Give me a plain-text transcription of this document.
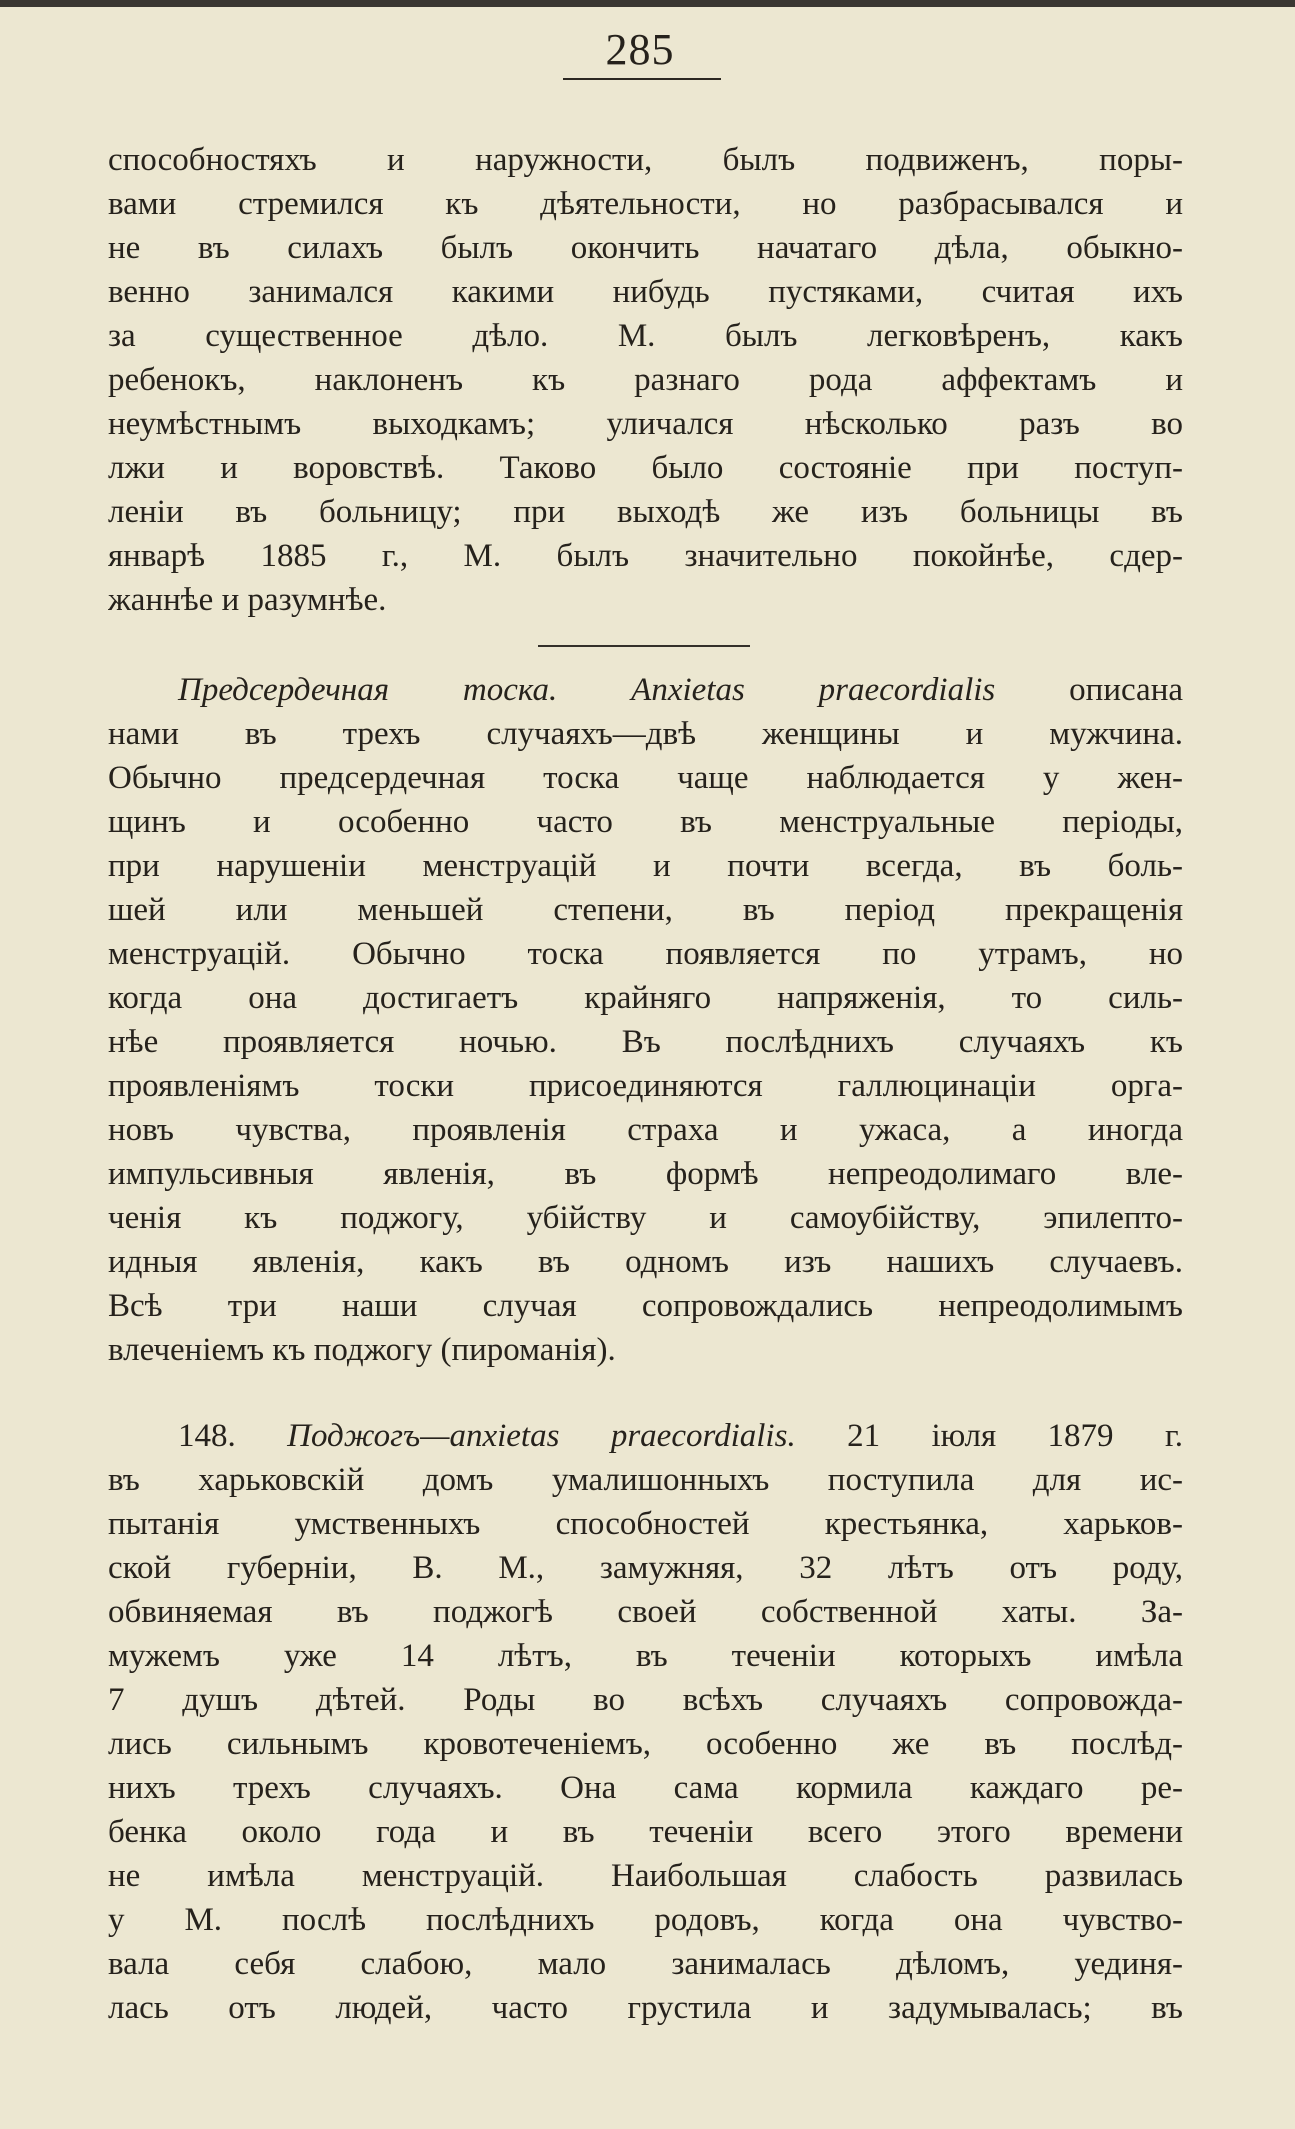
285
способностяхъ и наружности, былъ подвиженъ, поры-
вами стремился къ дѣятельности, но разбрасывался и
не въ силахъ былъ окончить начатаго дѣла, обыкно-
венно занимался какими нибудь пустяками, считая ихъ
за существенное дѣло. М. былъ легковѣренъ, какъ
ребенокъ, наклоненъ къ разнаго рода аффектамъ и
неумѣстнымъ выходкамъ; уличался нѣсколько разъ во
лжи и воровствѣ. Таково было состояніе при поступ-
леніи въ больницу; при выходѣ же изъ больницы въ
январѣ 1885 г., М. былъ значительно покойнѣе, сдер-
жаннѣе и разумнѣе.
Предсердечная тоска. Anxietas praecordialis описана
нами въ трехъ случаяхъ—двѣ женщины и мужчина.
Обычно предсердечная тоска чаще наблюдается у жен-
щинъ и особенно часто въ менструальные періоды,
при нарушеніи менструацій и почти всегда, въ боль-
шей или меньшей степени, въ період прекращенія
менструацій. Обычно тоска появляется по утрамъ, но
когда она достигаетъ крайняго напряженія, то силь-
нѣе проявляется ночью. Въ послѣднихъ случаяхъ къ
проявленіямъ тоски присоединяются галлюцинаціи орга-
новъ чувства, проявленія страха и ужаса, а иногда
импульсивныя явленія, въ формѣ непреодолимаго вле-
ченія къ поджогу, убійству и самоубійству, эпилепто-
идныя явленія, какъ въ одномъ изъ нашихъ случаевъ.
Всѣ три наши случая сопровождались непреодолимымъ
влеченіемъ къ поджогу (пироманія).
148. Поджогъ—anxietas praecordialis. 21 іюля 1879 г.
въ харьковскій домъ умалишонныхъ поступила для ис-
пытанія умственныхъ способностей крестьянка, харьков-
ской губерніи, В. М., замужняя, 32 лѣтъ отъ роду,
обвиняемая въ поджогѣ своей собственной хаты. За-
мужемъ уже 14 лѣтъ, въ теченіи которыхъ имѣла
7 душъ дѣтей. Роды во всѣхъ случаяхъ сопровожда-
лись сильнымъ кровотеченіемъ, особенно же въ послѣд-
нихъ трехъ случаяхъ. Она сама кормила каждаго ре-
бенка около года и въ теченіи всего этого времени
не имѣла менструацій. Наибольшая слабость развилась
у М. послѣ послѣднихъ родовъ, когда она чувство-
вала себя слабою, мало занималась дѣломъ, уединя-
лась отъ людей, часто грустила и задумывалась; въ
